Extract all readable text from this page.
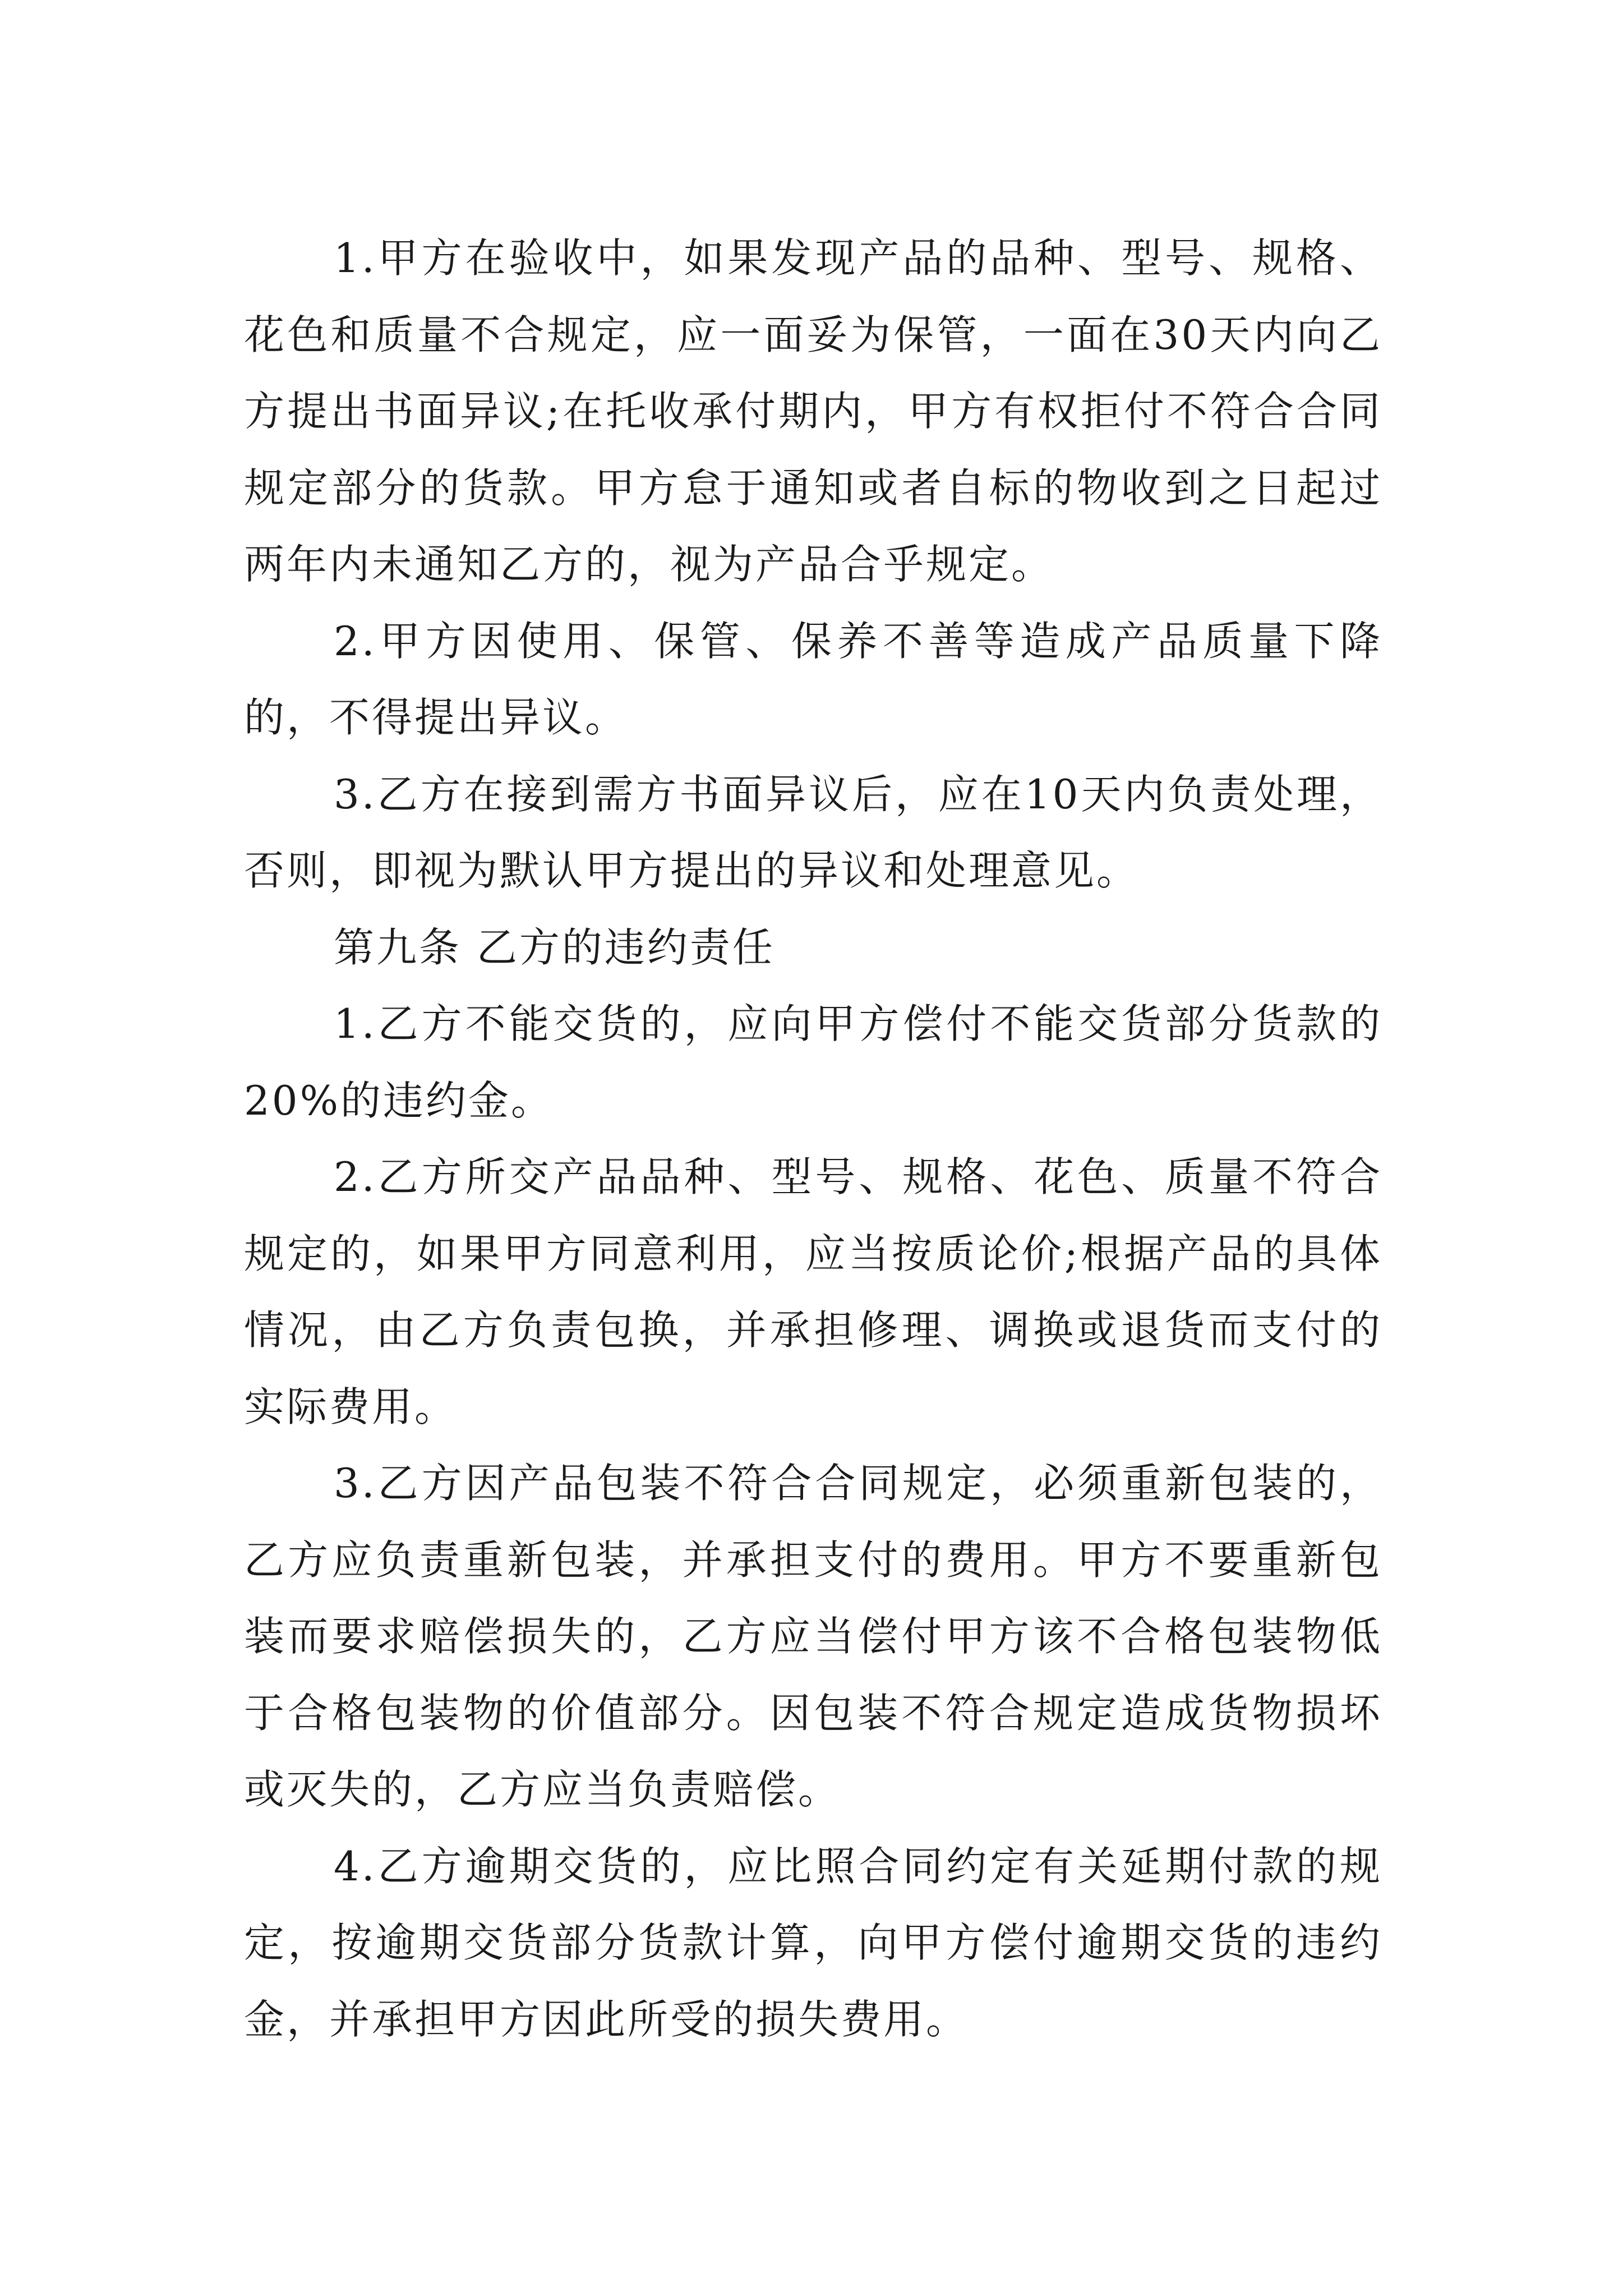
1.甲方在验收中，如果发现产品的品种、型号、规格、花色和质量不合规定，应一面妥为保管，一面在30天内向乙方提出书面异议;在托收承付期内，甲方有权拒付不符合合同规定部分的货款。甲方怠于通知或者自标的物收到之日起过两年内未通知乙方的，视为产品合乎规定。

2.甲方因使用、保管、保养不善等造成产品质量下降的，不得提出异议。

3.乙方在接到需方书面异议后，应在10天内负责处理，否则，即视为默认甲方提出的异议和处理意见。

第九条 乙方的违约责任

1.乙方不能交货的，应向甲方偿付不能交货部分货款的20%的违约金。

2.乙方所交产品品种、型号、规格、花色、质量不符合规定的，如果甲方同意利用，应当按质论价;根据产品的具体情况，由乙方负责包换，并承担修理、调换或退货而支付的实际费用。

3.乙方因产品包装不符合合同规定，必须重新包装的，乙方应负责重新包装，并承担支付的费用。甲方不要重新包装而要求赔偿损失的，乙方应当偿付甲方该不合格包装物低于合格包装物的价值部分。因包装不符合规定造成货物损坏或灭失的，乙方应当负责赔偿。

4.乙方逾期交货的，应比照合同约定有关延期付款的规定，按逾期交货部分货款计算，向甲方偿付逾期交货的违约金，并承担甲方因此所受的损失费用。
